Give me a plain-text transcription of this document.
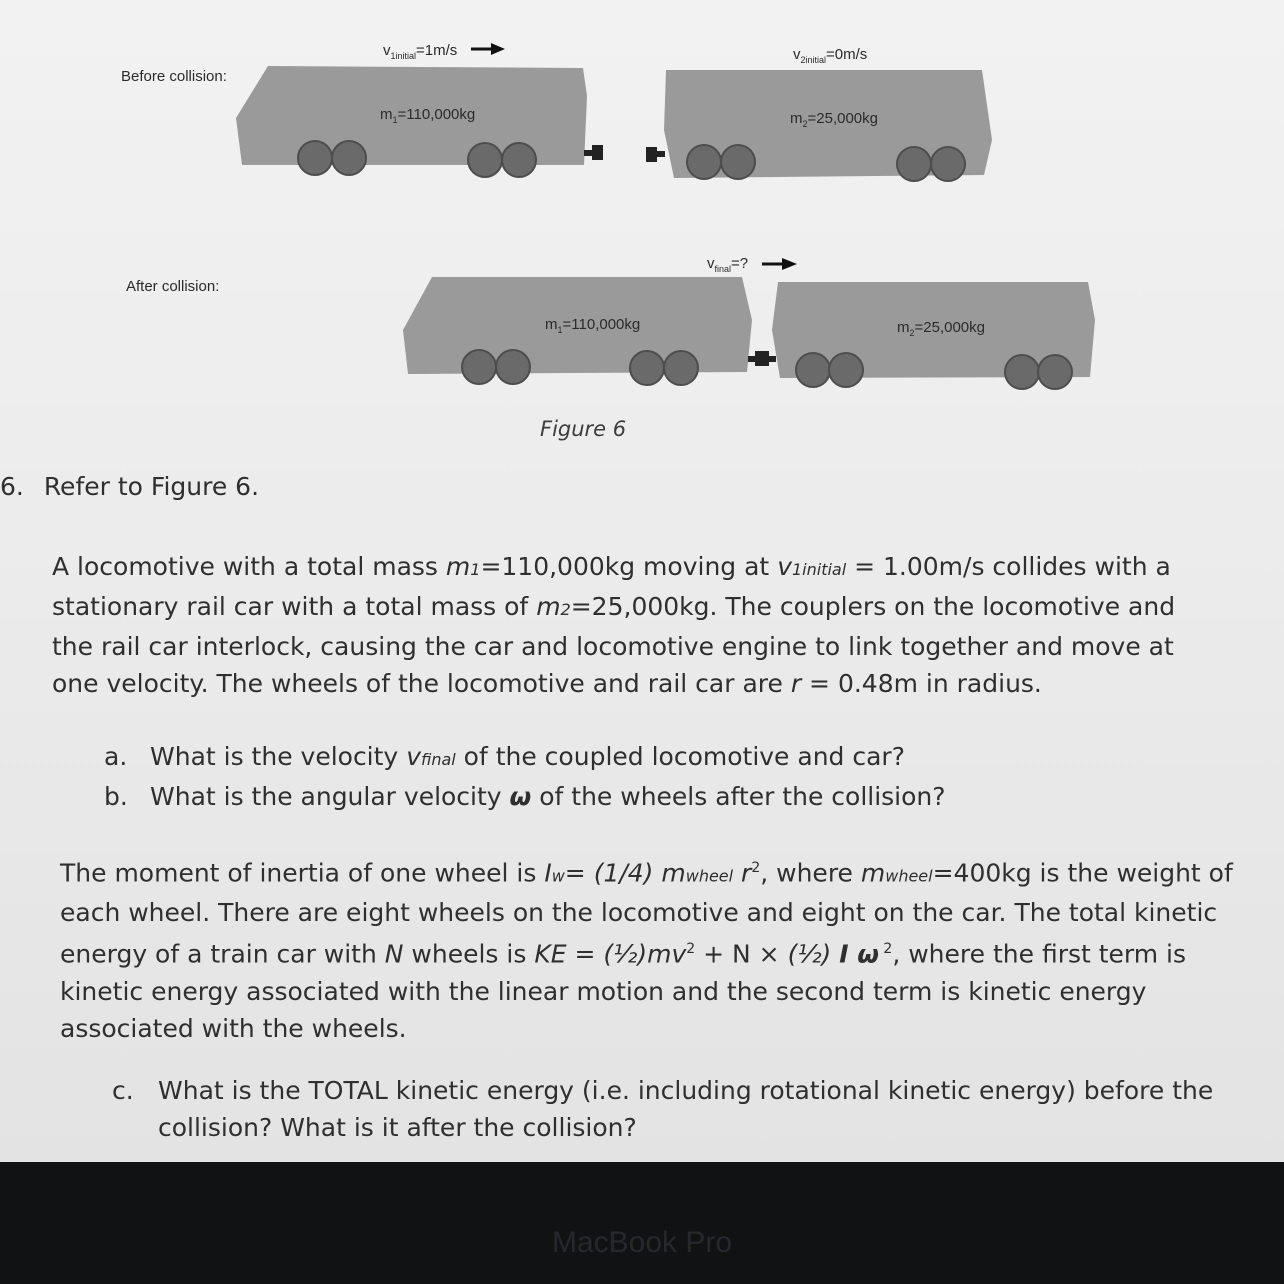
Before collision:
After collision:
$v_{1initial}=1m/s$	$v_{2initial}=0m/s$
$m_1=110,000kg$	$m_2=25,000kg$
$v_{final}=$?
$m_1=110,000kg$	$m_2=25,000kg$
Figure 6
6. Refer to Figure 6.
A locomotive with a total mass m1=110,000kg moving at v1initial = 1.00m/s collides with a
stationary rail car with a total mass of m2=25,000kg. The couplers on the locomotive and
the rail car interlock, causing the car and locomotive engine to link together and move at
one velocity. The wheels of the locomotive and rail car are r = 0.48m in radius.
a. What is the velocity vfinal of the coupled locomotive and car?
b. What is the angular velocity ω of the wheels after the collision?
The moment of inertia of one wheel is Iw= (1/4) mwheel $r^2$, where mwheel=400kg is the weight of
each wheel. There are eight wheels on the locomotive and eight on the car. The total kinetic
energy of a train car with N wheels is KE = $(\frac{1}{2})mv^2 + N$ × (½) I ω $^2$, where the first term is
kinetic energy associated with the linear motion and the second term is kinetic energy
associated with the wheels.
c. What is the TOTAL kinetic energy (i.e. including rotational kinetic energy) before the
collision? What is it after the collision?
MacBook Pro
